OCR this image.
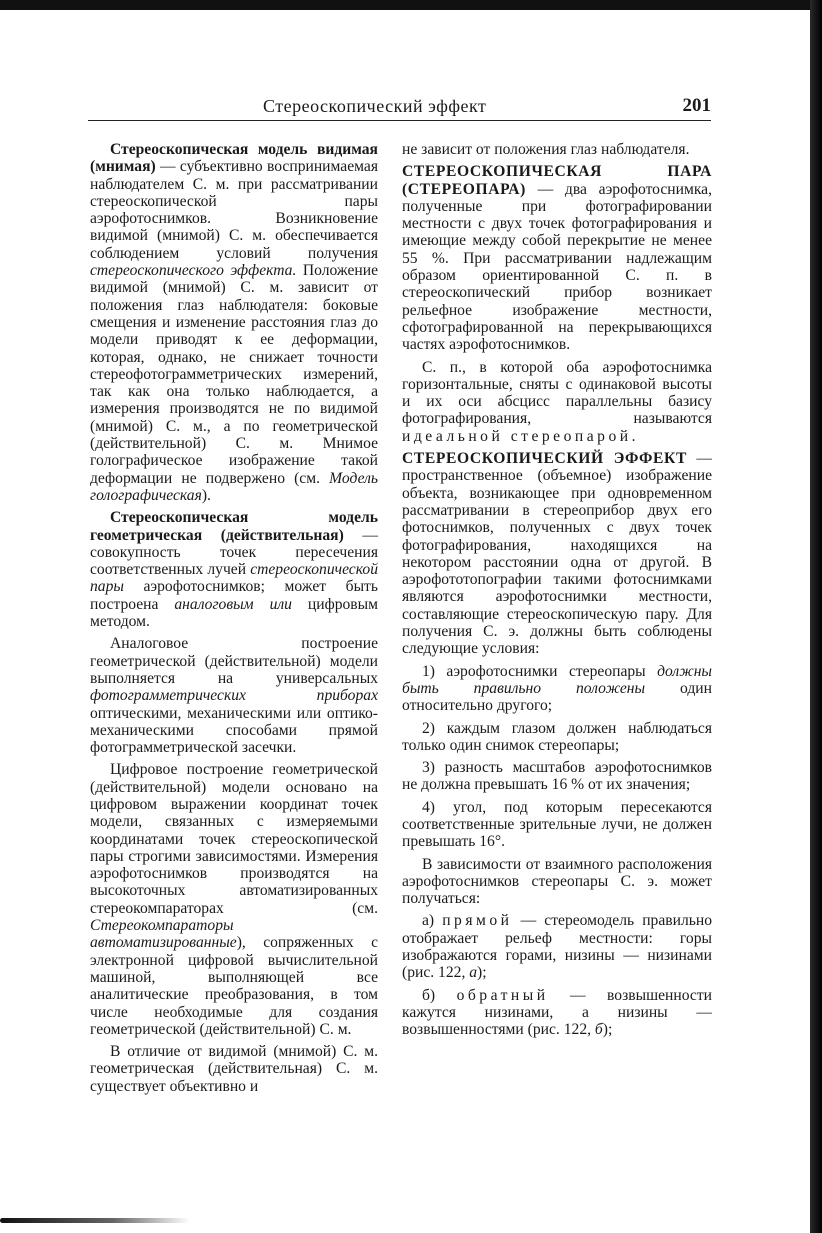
Стереоскопический эффект	201

Стереоскопическая модель видимая (мнимая) — субъективно воспринимаемая наблюдателем С. м. при рассматривании стереоскопической пары аэрофотоснимков. Возникновение видимой (мнимой) С. м. обеспечивается соблюдением условий получения стереоскопического эффекта. Положение видимой (мнимой) С. м. зависит от положения глаз наблюдателя: боковые смещения и изменение расстояния глаз до модели приводят к ее деформации, которая, однако, не снижает точности стереофотограмметрических измерений, так как она только наблюдается, а измерения производятся не по видимой (мнимой) С. м., а по геометрической (действительной) С. м. Мнимое голографическое изображение такой деформации не подвержено (см. Модель голографическая).

Стереоскопическая модель геометрическая (действительная) — совокупность точек пересечения соответственных лучей стереоскопической пары аэрофотоснимков; может быть построена аналоговым или цифровым методом.

Аналоговое построение геометрической (действительной) модели выполняется на универсальных фотограмметрических приборах оптическими, механическими или оптико-механическими способами прямой фотограмметрической засечки.

Цифровое построение геометрической (действительной) модели основано на цифровом выражении координат точек модели, связанных с измеряемыми координатами точек стереоскопической пары строгими зависимостями. Измерения аэрофотоснимков производятся на высокоточных автоматизированных стереокомпараторах (см. Стереокомпараторы автоматизированные), сопряженных с электронной цифровой вычислительной машиной, выполняющей все аналитические преобразования, в том числе необходимые для создания геометрической (действительной) С. м.

В отличие от видимой (мнимой) С. м. геометрическая (действительная) С. м. существует объективно и

не зависит от положения глаз наблюдателя.

СТЕРЕОСКОПИЧЕСКАЯ ПАРА (СТЕРЕОПАРА) — два аэрофотоснимка, полученные при фотографировании местности с двух точек фотографирования и имеющие между собой перекрытие не менее 55 %. При рассматривании надлежащим образом ориентированной С. п. в стереоскопический прибор возникает рельефное изображение местности, сфотографированной на перекрывающихся частях аэрофотоснимков.

С. п., в которой оба аэрофотоснимка горизонтальные, сняты с одинаковой высоты и их оси абсцисс параллельны базису фотографирования, называются идеальной стереопарой.

СТЕРЕОСКОПИЧЕСКИЙ ЭФФЕКТ — пространственное (объемное) изображение объекта, возникающее при одновременном рассматривании в стереоприбор двух его фотоснимков, полученных с двух точек фотографирования, находящихся на некотором расстоянии одна от другой. В аэрофототопографии такими фотоснимками являются аэрофотоснимки местности, составляющие стереоскопическую пару. Для получения С. э. должны быть соблюдены следующие условия:

1) аэрофотоснимки стереопары должны быть правильно положены один относительно другого;

2) каждым глазом должен наблюдаться только один снимок стереопары;

3) разность масштабов аэрофотоснимков не должна превышать 16 % от их значения;

4) угол, под которым пересекаются соответственные зрительные лучи, не должен превышать 16°.

В зависимости от взаимного расположения аэрофотоснимков стереопары С. э. может получаться:

а) прямой — стереомодель правильно отображает рельеф местности: горы изображаются горами, низины — низинами (рис. 122, а);

б) обратный — возвышенности кажутся низинами, а низины — возвышенностями (рис. 122, б);
